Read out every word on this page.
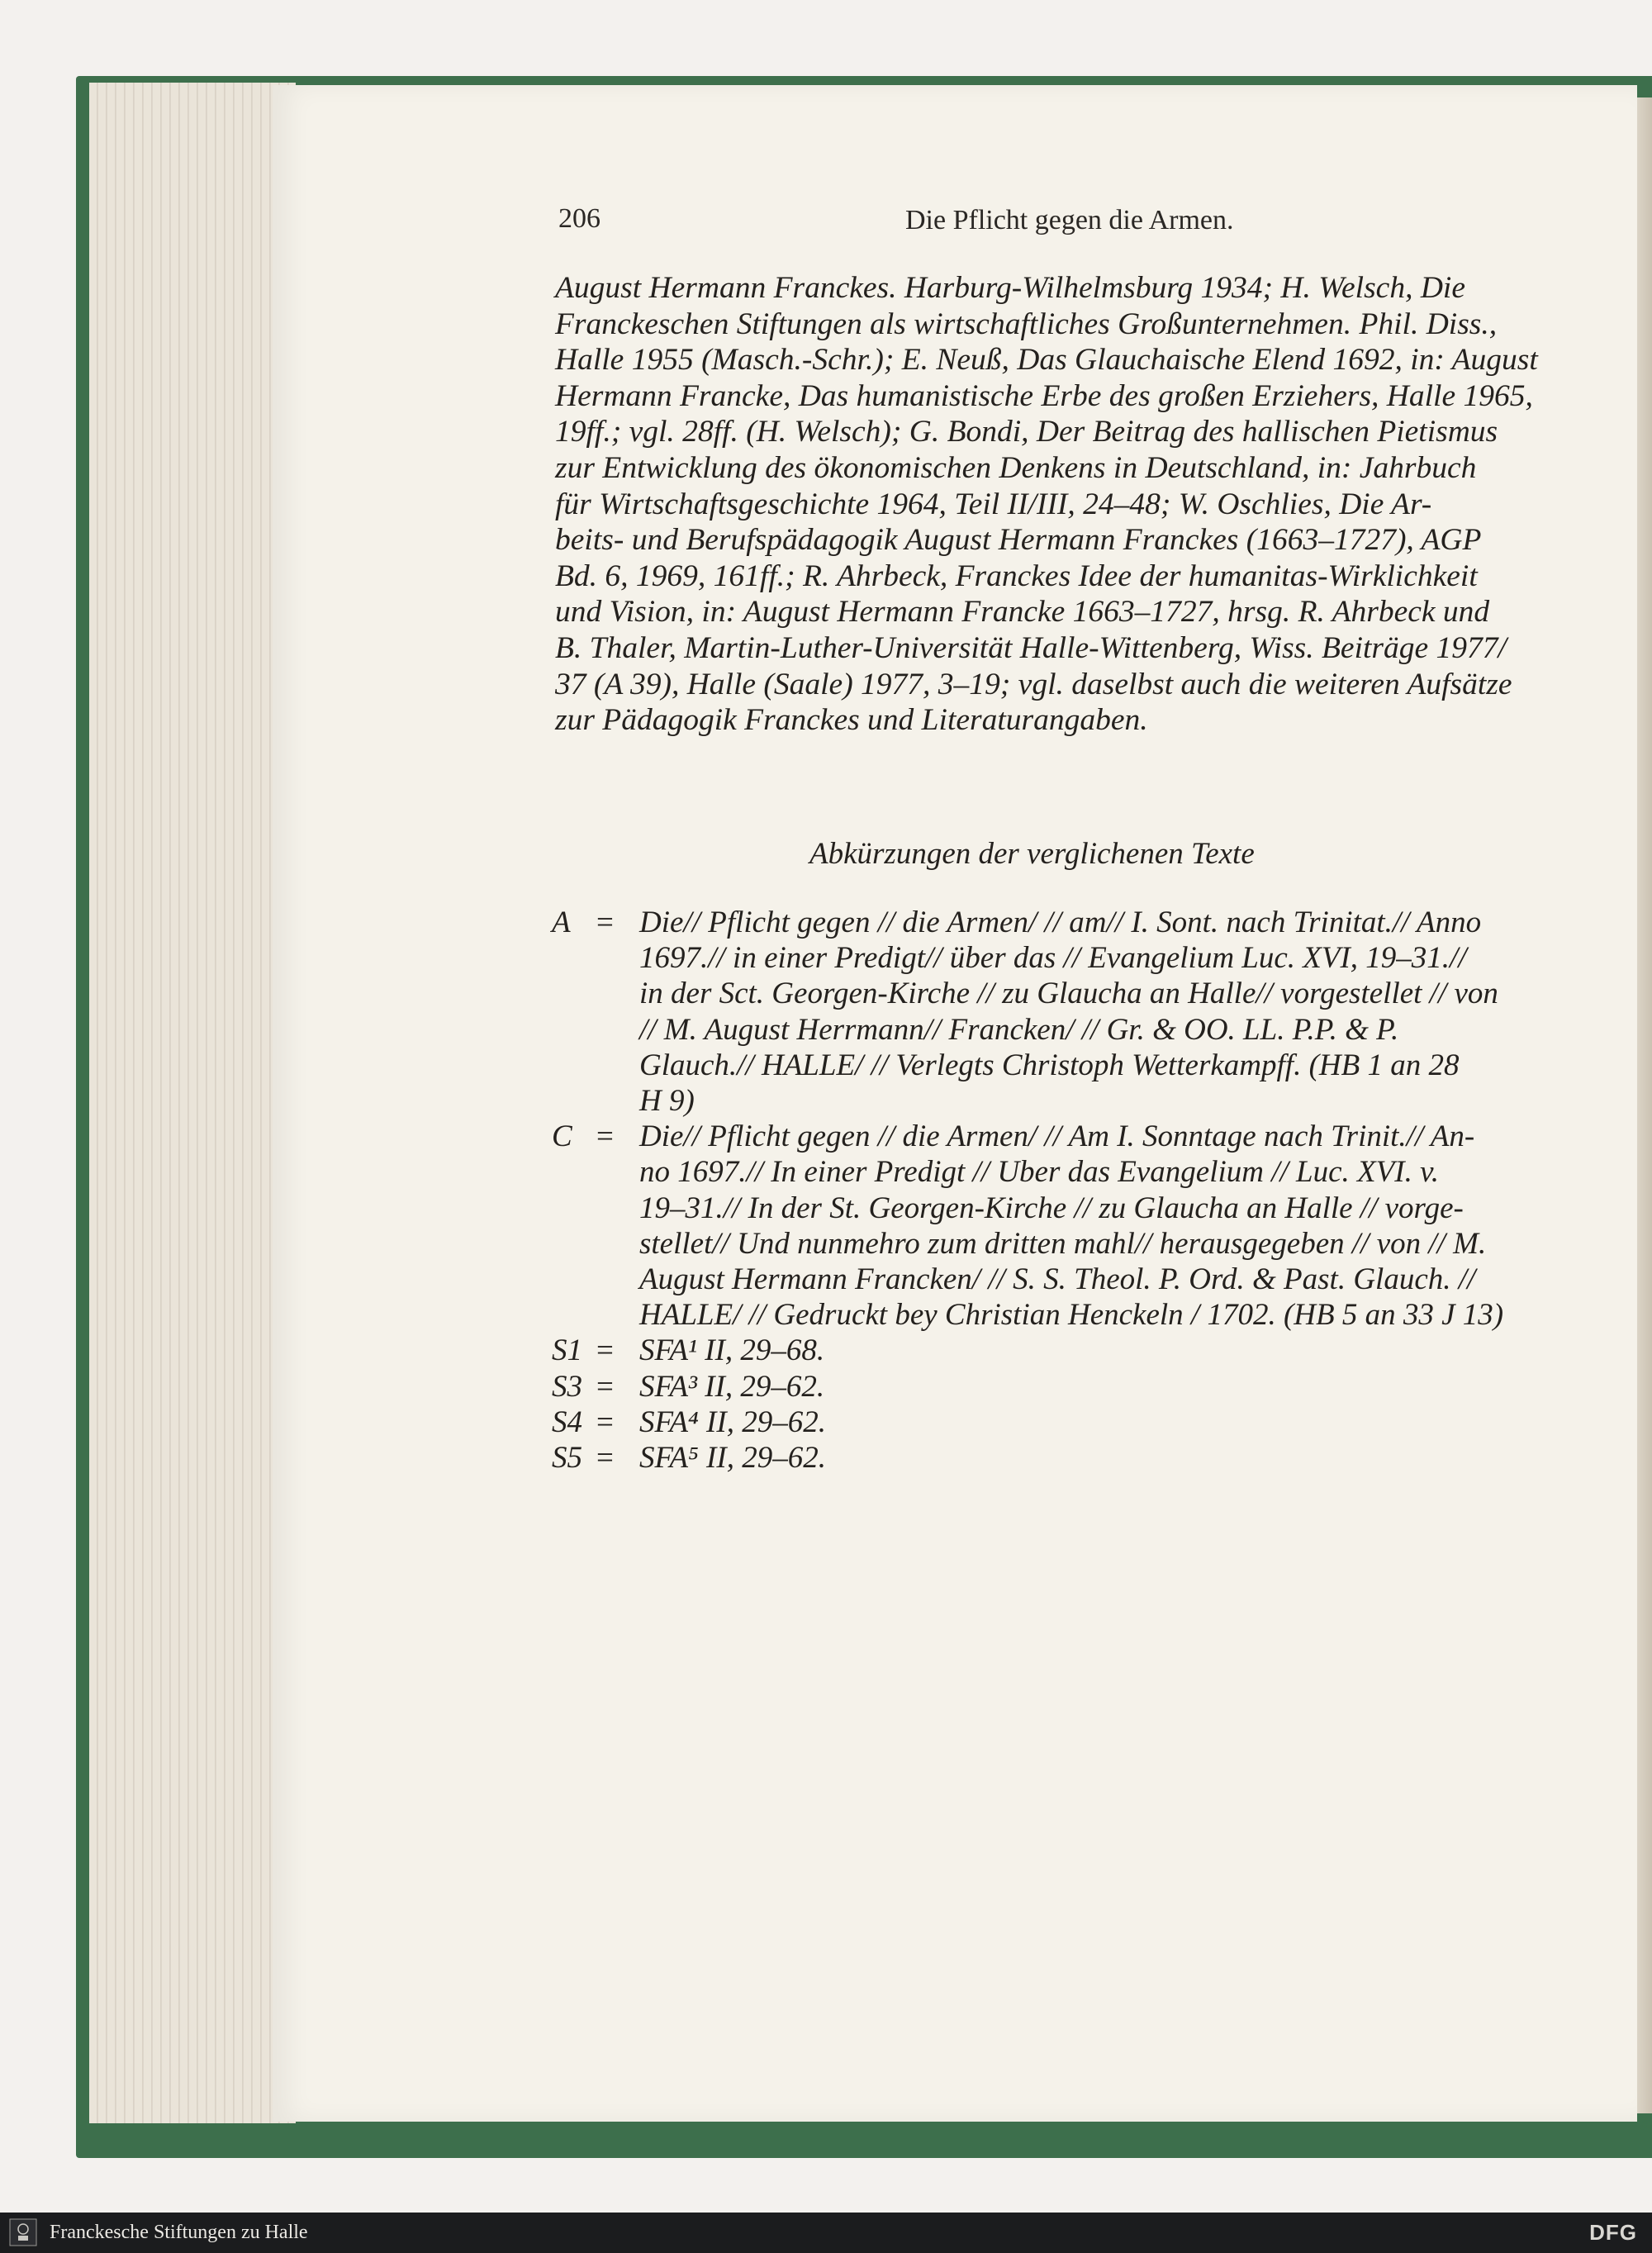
206	Die Pflicht gegen die Armen.
August Hermann Franckes. Harburg-Wilhelmsburg 1934; H. Welsch, Die
Franckeschen Stiftungen als wirtschaftliches Großunternehmen. Phil. Diss.,
Halle 1955 (Masch.-Schr.); E. Neuß, Das Glauchaische Elend 1692, in: August
Hermann Francke, Das humanistische Erbe des großen Erziehers, Halle 1965,
19ff.; vgl. 28ff. (H. Welsch); G. Bondi, Der Beitrag des hallischen Pietismus
zur Entwicklung des ökonomischen Denkens in Deutschland, in: Jahrbuch
für Wirtschaftsgeschichte 1964, Teil II/III, 24–48; W. Oschlies, Die Ar-
beits- und Berufspädagogik August Hermann Franckes (1663–1727), AGP
Bd. 6, 1969, 161ff.; R. Ahrbeck, Franckes Idee der humanitas-Wirklichkeit
und Vision, in: August Hermann Francke 1663–1727, hrsg. R. Ahrbeck und
B. Thaler, Martin-Luther-Universität Halle-Wittenberg, Wiss. Beiträge 1977/
37 (A 39), Halle (Saale) 1977, 3–19; vgl. daselbst auch die weiteren Aufsätze
zur Pädagogik Franckes und Literaturangaben.
Abkürzungen der verglichenen Texte
A = Die// Pflicht gegen // die Armen/ // am// I. Sont. nach Trinitat.// Anno
1697.// in einer Predigt// über das // Evangelium Luc. XVI, 19–31.//
in der Sct. Georgen-Kirche // zu Glaucha an Halle// vorgestellet // von
// M. August Herrmann// Francken/ // Gr. & OO. LL. P.P. & P.
Glauch.// HALLE/ // Verlegts Christoph Wetterkampff. (HB 1 an 28
H 9)
C = Die// Pflicht gegen // die Armen/ // Am I. Sonntage nach Trinit.// An-
no 1697.// In einer Predigt // Uber das Evangelium // Luc. XVI. v.
19–31.// In der St. Georgen-Kirche // zu Glaucha an Halle // vorge-
stellet// Und nunmehro zum dritten mahl// herausgegeben // von // M.
August Hermann Francken/ // S. S. Theol. P. Ord. & Past. Glauch. //
HALLE/ // Gedruckt bey Christian Henckeln / 1702. (HB 5 an 33 J 13)
S1 = SFA¹ II, 29–68.
S3 = SFA³ II, 29–62.
S4 = SFA⁴ II, 29–62.
S5 = SFA⁵ II, 29–62.
Franckesche Stiftungen zu Halle	DFG
